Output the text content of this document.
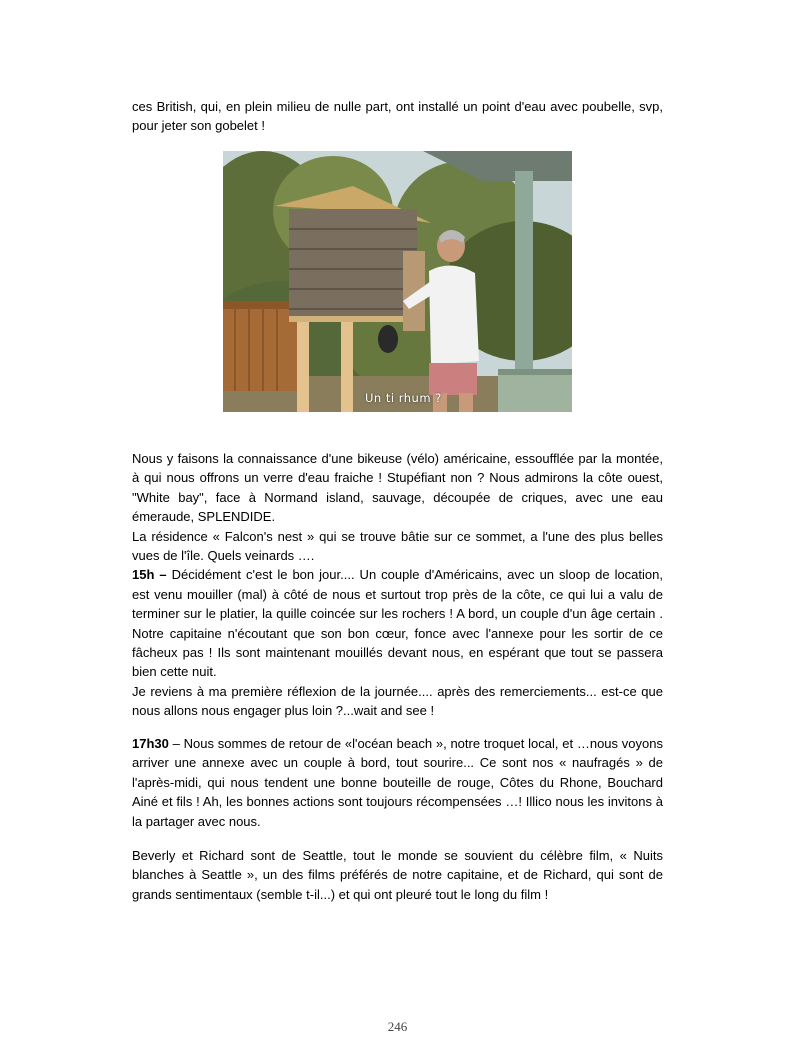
ces British, qui, en plein milieu de nulle part, ont installé un point d'eau avec poubelle, svp, pour jeter son gobelet !

Un ti rhum ?

Nous y faisons la connaissance d'une bikeuse (vélo) américaine, essoufflée par la montée, à qui nous offrons un verre d'eau fraiche ! Stupéfiant non ? Nous admirons la côte ouest, "White bay", face à Normand island, sauvage, découpée de criques, avec une eau émeraude, SPLENDIDE.

La résidence « Falcon's nest » qui se trouve bâtie sur ce sommet, a l'une des plus belles vues de l'île. Quels veinards ….

15h – Décidément c'est le bon jour.... Un couple d'Américains, avec un sloop de location, est venu mouiller (mal) à côté de nous et surtout trop près de la côte, ce qui lui a valu de terminer sur le platier, la quille coincée sur les rochers ! A bord, un couple d'un âge certain . Notre capitaine n'écoutant que son bon cœur, fonce avec l'annexe pour les sortir de ce fâcheux pas ! Ils sont maintenant mouillés devant nous, en espérant que tout se passera bien cette nuit.

Je reviens à ma première réflexion de la journée.... après des remerciements... est-ce que nous allons nous engager plus loin ?...wait and see !

17h30 – Nous sommes de retour de «l'océan beach », notre troquet local, et …nous voyons arriver une annexe avec un couple à bord, tout sourire... Ce sont nos « naufragés » de l'après-midi, qui nous tendent une bonne bouteille de rouge, Côtes du Rhone, Bouchard Ainé et fils ! Ah, les bonnes actions sont toujours récompensées …! Illico nous les invitons à la partager avec nous.

Beverly et Richard sont de Seattle, tout le monde se souvient du célèbre film, « Nuits blanches à Seattle », un des films préférés de notre capitaine, et de Richard, qui sont de grands sentimentaux (semble t-il...) et qui ont pleuré tout le long du film !

246
